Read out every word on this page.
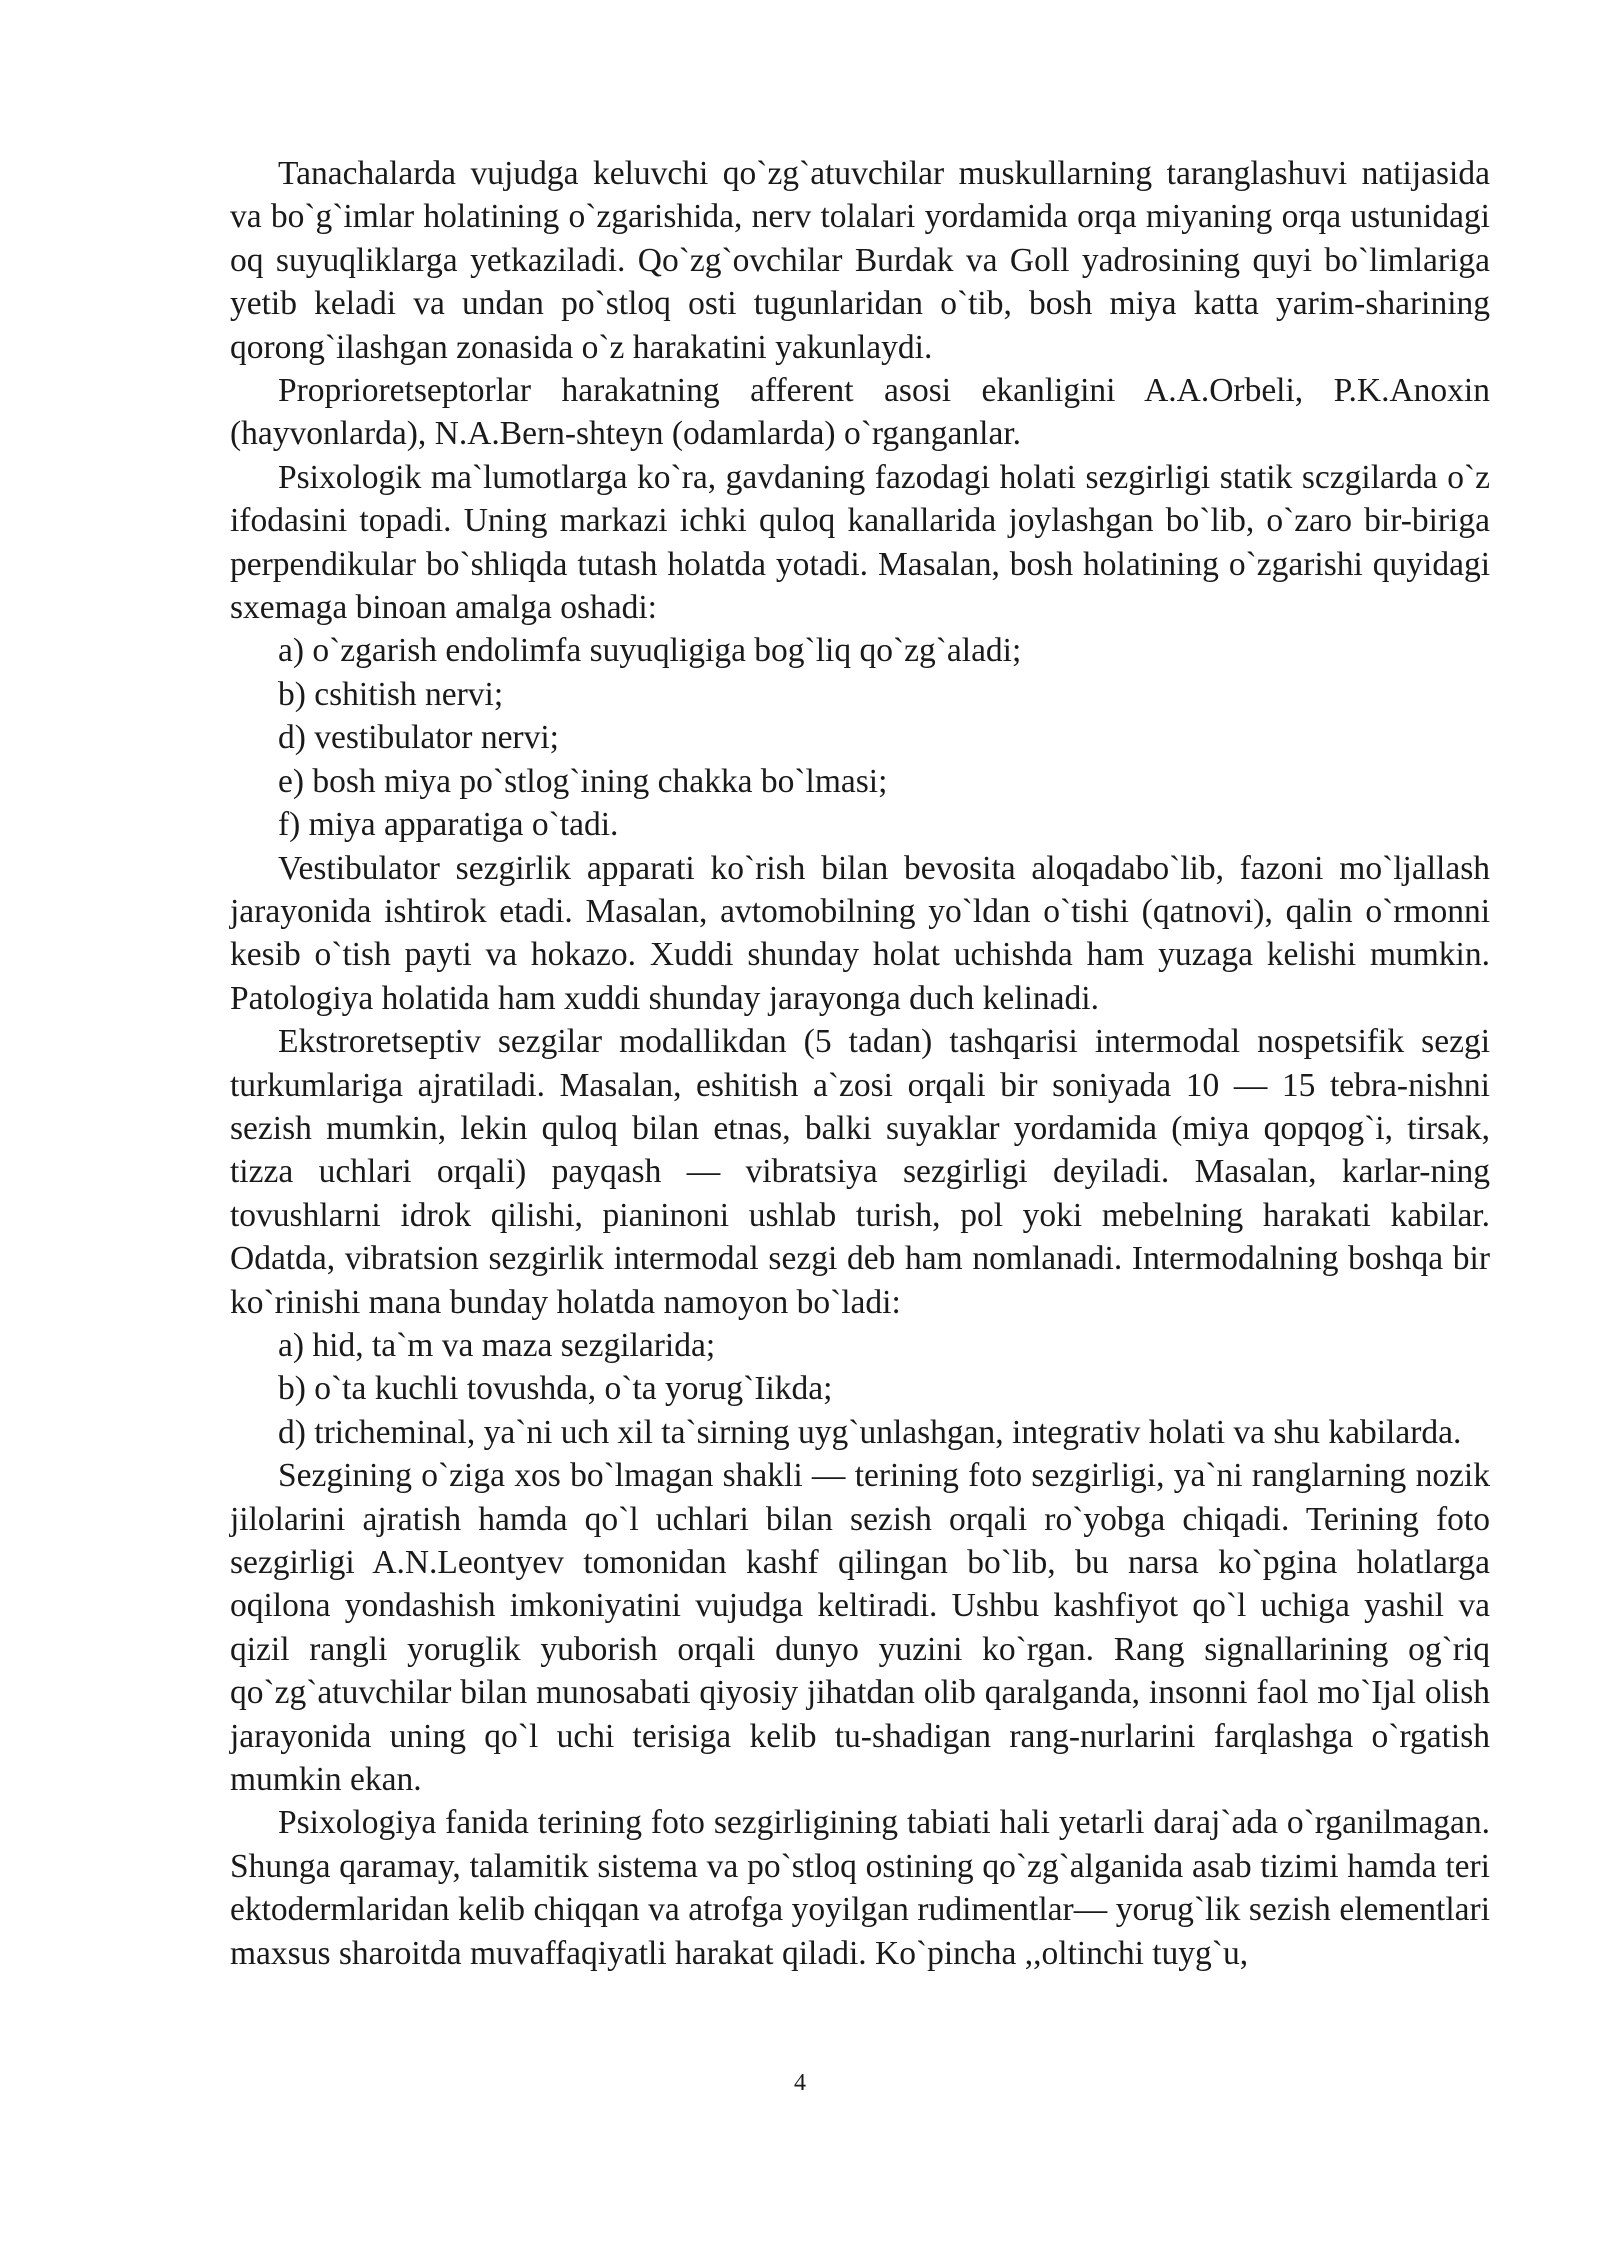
Tanachalarda vujudga keluvchi qo`zg`atuvchilar muskullarning taranglashuvi natijasida va bo`g`imlar holatining o`zgarishida, nerv tolalari yordamida orqa miyaning orqa ustunidagi oq suyuqliklarga yetkaziladi. Qo`zg`ovchilar Burdak va Goll yadrosining quyi bo`limlariga yetib keladi va undan po`stloq osti tugunlaridan o`tib, bosh miya katta yarim-sharining qorong`ilashgan zonasida o`z harakatini yakunlaydi.

Proprioretseptorlar harakatning afferent asosi ekanligini A.A.Orbeli, P.K.Anoxin (hayvonlarda), N.A.Bern-shteyn (odamlarda) o`rganganlar.

Psixologik ma`lumotlarga ko`ra, gavdaning fazodagi holati sezgirligi statik sczgilarda o`z ifodasini topadi. Uning markazi ichki quloq kanallarida joylashgan bo`lib, o`zaro bir-biriga perpendikular bo`shliqda tutash holatda yotadi. Masalan, bosh holatining o`zgarishi quyidagi sxemaga binoan amalga oshadi:

a) o`zgarish endolimfa suyuqligiga bog`liq qo`zg`aladi;

b) cshitish nervi;

d) vestibulator nervi;

e) bosh miya po`stlog`ining chakka bo`lmasi;

f) miya apparatiga o`tadi.

Vestibulator sezgirlik apparati ko`rish bilan bevosita aloqadabo`lib, fazoni mo`ljallash jarayonida ishtirok etadi. Masalan, avtomobilning yo`ldan o`tishi (qatnovi), qalin o`rmonni kesib o`tish payti va hokazo. Xuddi shunday holat uchishda ham yuzaga kelishi mumkin. Patologiya holatida ham xuddi shunday jarayonga duch kelinadi.

Ekstroretseptiv sezgilar modallikdan (5 tadan) tashqarisi intermodal nospetsifik sezgi turkumlariga ajratiladi. Masalan, eshitish a`zosi orqali bir soniyada 10 — 15 tebra-nishni sezish mumkin, lekin quloq bilan etnas, balki suyaklar yordamida (miya qopqog`i, tirsak, tizza uchlari orqali) payqash — vibratsiya sezgirligi deyiladi. Masalan, karlar-ning tovushlarni idrok qilishi, pianinoni ushlab turish, pol yoki mebelning harakati kabilar. Odatda, vibratsion sezgirlik intermodal sezgi deb ham nomlanadi. Intermodalning boshqa bir ko`rinishi mana bunday holatda namoyon bo`ladi:

a) hid, ta`m va maza sezgilarida;

b) o`ta kuchli tovushda, o`ta yorug`Iikda;

d) tricheminal, ya`ni uch xil ta`sirning uyg`unlashgan, integrativ holati va shu kabilarda.

Sezgining o`ziga xos bo`lmagan shakli — terining foto sezgirligi, ya`ni ranglarning nozik jilolarini ajratish hamda qo`l uchlari bilan sezish orqali ro`yobga chiqadi. Terining foto sezgirligi A.N.Leontyev tomonidan kashf qilingan bo`lib, bu narsa ko`pgina holatlarga oqilona yondashish imkoniyatini vujudga keltiradi. Ushbu kashfiyot qo`l uchiga yashil va qizil rangli yoruglik yuborish orqali dunyo yuzini ko`rgan. Rang signallarining og`riq qo`zg`atuvchilar bilan munosabati qiyosiy jihatdan olib qaralganda, insonni faol mo`Ijal olish jarayonida uning qo`l uchi terisiga kelib tu-shadigan rang-nurlarini farqlashga o`rgatish mumkin ekan.

Psixologiya fanida terining foto sezgirligining tabiati hali yetarli daraj`ada o`rganilmagan. Shunga qaramay, talamitik sistema va po`stloq ostining qo`zg`alganida asab tizimi hamda teri ektodermlaridan kelib chiqqan va atrofga yoyilgan rudimentlar— yorug`lik sezish elementlari maxsus sharoitda muvaffaqiyatli harakat qiladi. Ko`pincha ,,oltinchi tuyg`u,

4
